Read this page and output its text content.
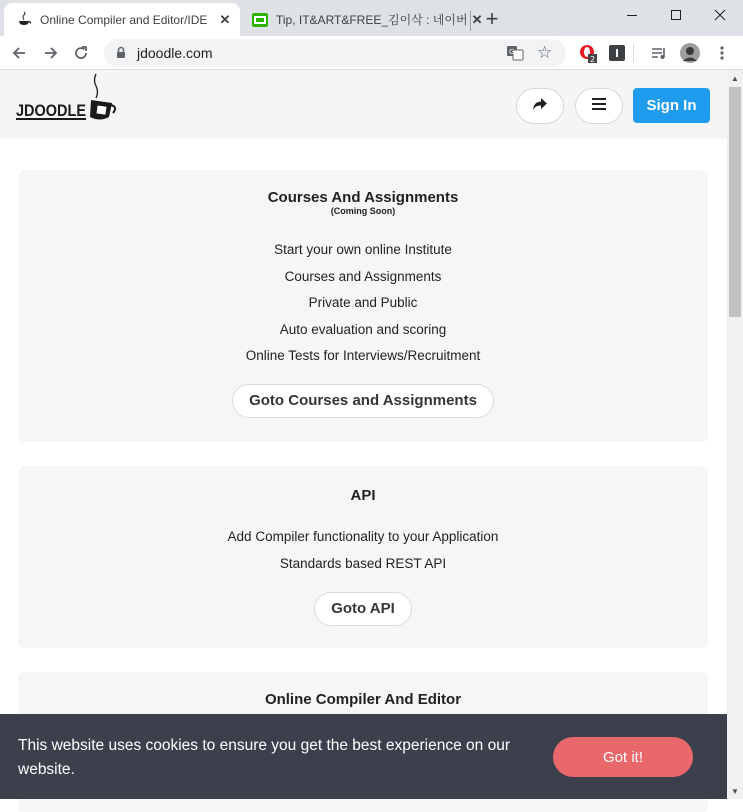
Online Compiler and Editor/IDE ✕	Tip, IT&ART&FREE_김이삭 : 네이버 ✕ +
jdoodle.com	G ☆	2
JDOODLE	Sign In
Courses And Assignments
(Coming Soon)
Start your own online Institute
Courses and Assignments
Private and Public
Auto evaluation and scoring
Online Tests for Interviews/Recruitment
Goto Courses and Assignments
API
Add Compiler functionality to your Application
Standards based REST API
Goto API
Online Compiler And Editor
This website uses cookies to ensure you get the best experience on our website.
Got it!
▲
▼
